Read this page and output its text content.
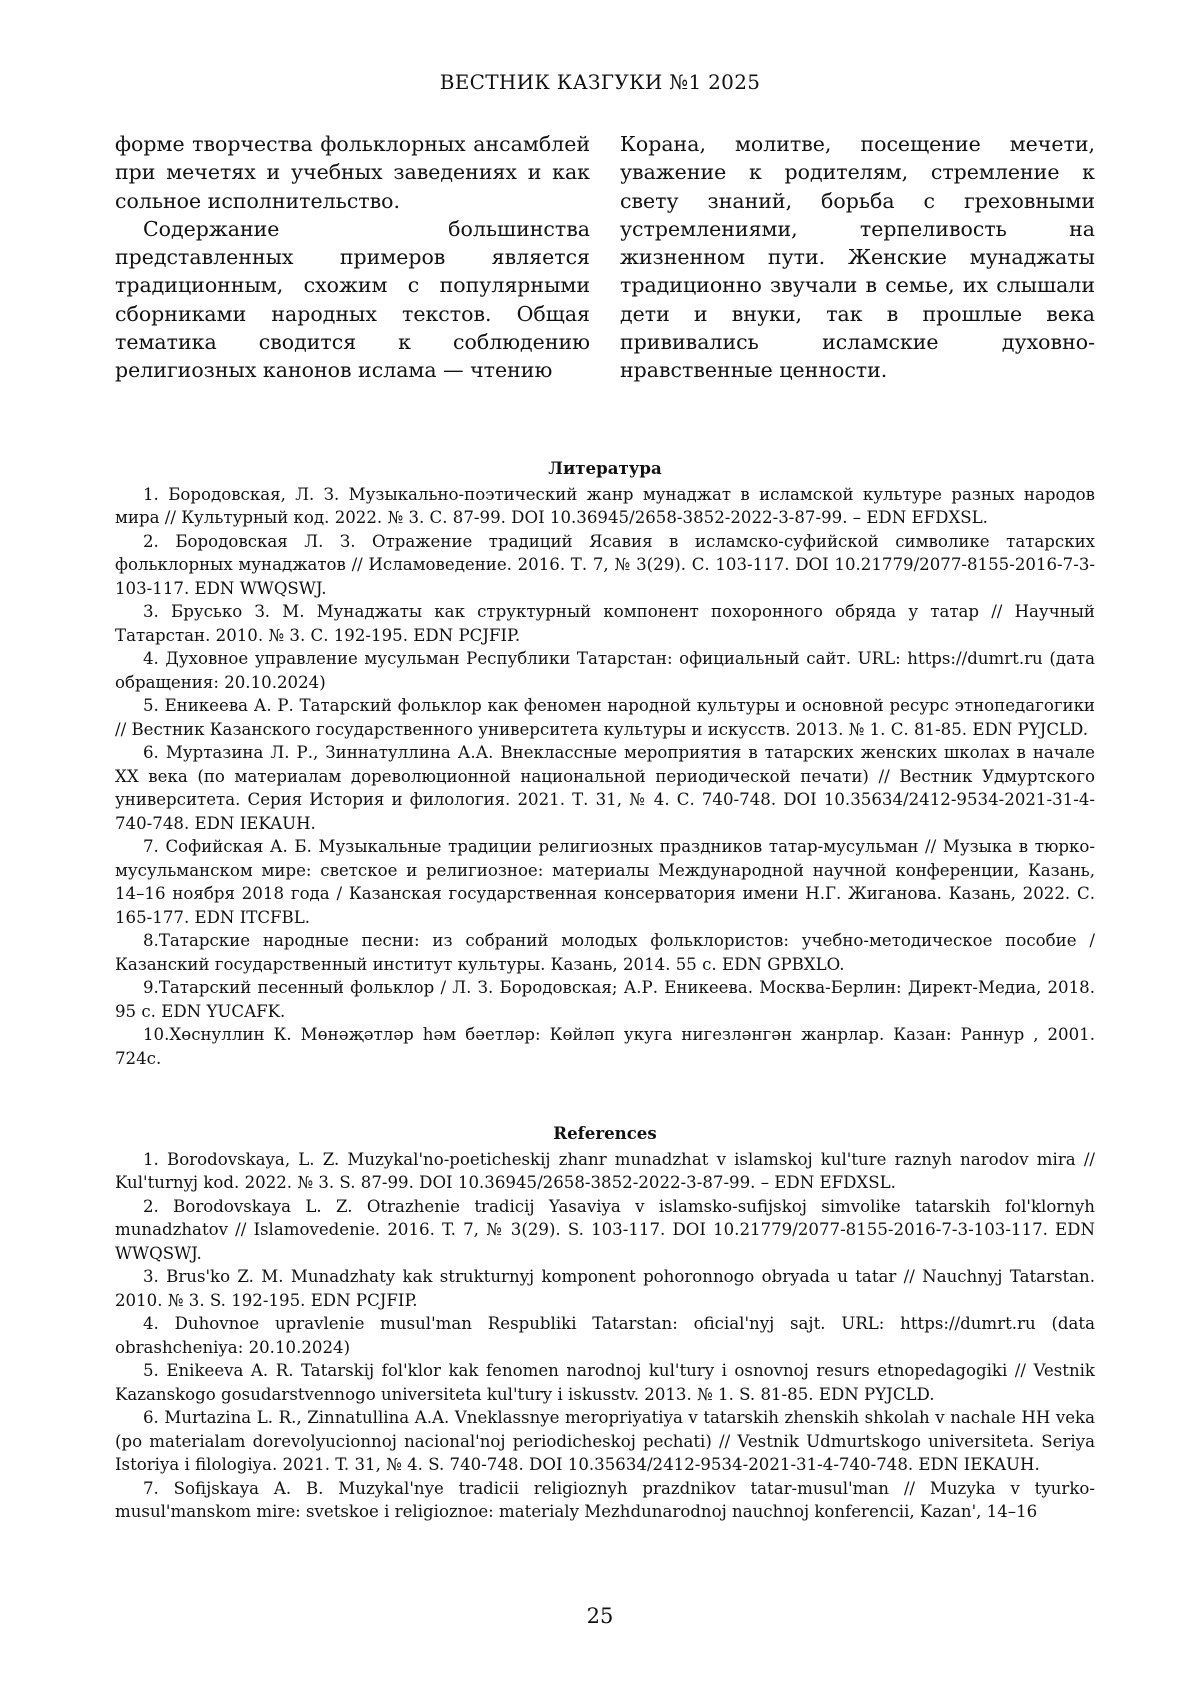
ВЕСТНИК КАЗГУКИ №1 2025

форме творчества фольклорных ансамблей при мечетях и учебных заведениях и как сольное исполнительство.

Содержание большинства представленных примеров является традиционным, схожим с популярными сборниками народных текстов. Общая тематика сводится к соблюдению религиозных канонов ислама — чтению

Корана, молитве, посещение мечети, уважение к родителям, стремление к свету знаний, борьба с греховными устремлениями, терпеливость на жизненном пути. Женские мунаджаты традиционно звучали в семье, их слышали дети и внуки, так в прошлые века прививались исламские духовно-нравственные ценности.

Литература

1. Бородовская, Л. З. Музыкально-поэтический жанр мунаджат в исламской культуре разных народов мира // Культурный код. 2022. № 3. С. 87-99. DOI 10.36945/2658-3852-2022-3-87-99. – EDN EFDXSL.

2. Бородовская Л. З. Отражение традиций Ясавия в исламско-суфийской символике татарских фольклорных мунаджатов // Исламоведение. 2016. Т. 7, № 3(29). С. 103-117. DOI 10.21779/2077-8155-2016-7-3-103-117. EDN WWQSWJ.

3. Брусько З. М. Мунаджаты как структурный компонент похоронного обряда у татар // Научный Татарстан. 2010. № 3. С. 192-195. EDN PCJFIP.

4. Духовное управление мусульман Республики Татарстан: официальный сайт. URL: https://dumrt.ru (дата обращения: 20.10.2024)

5. Еникеева А. Р. Татарский фольклор как феномен народной культуры и основной ресурс этнопедагогики // Вестник Казанского государственного университета культуры и искусств. 2013. № 1. С. 81-85. EDN PYJCLD.

6. Муртазина Л. Р., Зиннатуллина А.А. Внеклассные мероприятия в татарских женских школах в начале XX века (по материалам дореволюционной национальной периодической печати) // Вестник Удмуртского университета. Серия История и филология. 2021. Т. 31, № 4. С. 740-748. DOI 10.35634/2412-9534-2021-31-4-740-748. EDN IEKAUH.

7. Софийская А. Б. Музыкальные традиции религиозных праздников татар-мусульман // Музыка в тюрко-мусульманском мире: светское и религиозное: материалы Международной научной конференции, Казань, 14–16 ноября 2018 года / Казанская государственная консерватория имени Н.Г. Жиганова. Казань, 2022. С. 165-177. EDN ITCFBL.

8.Татарские народные песни: из собраний молодых фольклористов: учебно-методическое пособие / Казанский государственный институт культуры. Казань, 2014. 55 с. EDN GPBXLO.

9.Татарский песенный фольклор / Л. З. Бородовская; А.Р. Еникеева. Москва-Берлин: Директ-Медиа, 2018. 95 с. EDN YUCAFK.

10.Хөснуллин К. Мөнәҗәтләр һәм бәетләр: Көйләп укуга нигезләнгән жанрлар. Казан: Раннур , 2001. 724с.

References

1. Borodovskaya, L. Z. Muzykal'no-poeticheskij zhanr munadzhat v islamskoj kul'ture raznyh narodov mira // Kul'turnyj kod. 2022. № 3. S. 87-99. DOI 10.36945/2658-3852-2022-3-87-99. – EDN EFDXSL.

2. Borodovskaya L. Z. Otrazhenie tradicij Yasaviya v islamsko-sufijskoj simvolike tatarskih fol'klornyh munadzhatov // Islamovedenie. 2016. T. 7, № 3(29). S. 103-117. DOI 10.21779/2077-8155-2016-7-3-103-117. EDN WWQSWJ.

3. Brus'ko Z. M. Munadzhaty kak strukturnyj komponent pohoronnogo obryada u tatar // Nauchnyj Tatarstan. 2010. № 3. S. 192-195. EDN PCJFIP.

4. Duhovnoe upravlenie musul'man Respubliki Tatarstan: oficial'nyj sajt. URL: https://dumrt.ru (data obrashcheniya: 20.10.2024)

5. Enikeeva A. R. Tatarskij fol'klor kak fenomen narodnoj kul'tury i osnovnoj resurs etnopedagogiki // Vestnik Kazanskogo gosudarstvennogo universiteta kul'tury i iskusstv. 2013. № 1. S. 81-85. EDN PYJCLD.

6. Murtazina L. R., Zinnatullina A.A. Vneklassnye meropriyatiya v tatarskih zhenskih shkolah v nachale HH veka (po materialam dorevolyucionnoj nacional'noj periodicheskoj pechati) // Vestnik Udmurtskogo universiteta. Seriya Istoriya i filologiya. 2021. T. 31, № 4. S. 740-748. DOI 10.35634/2412-9534-2021-31-4-740-748. EDN IEKAUH.

7. Sofijskaya A. B. Muzykal'nye tradicii religioznyh prazdnikov tatar-musul'man // Muzyka v tyurko-musul'manskom mire: svetskoe i religioznoe: materialy Mezhdunarodnoj nauchnoj konferencii, Kazan', 14–16

25
